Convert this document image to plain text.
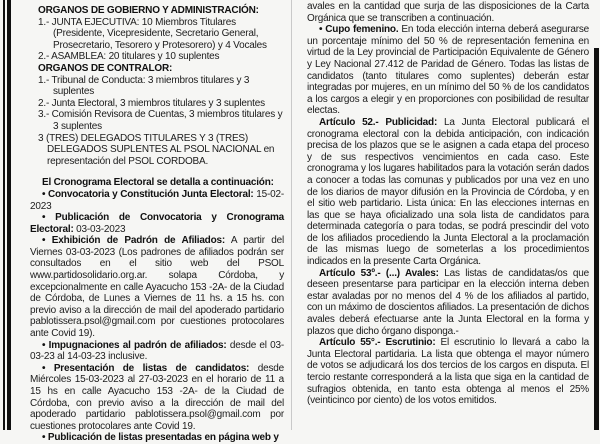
ORGANOS DE GOBIERNO Y ADMINISTRACIÓN:

1.- JUNTA EJECUTIVA: 10 Miembros Titulares (Presidente, Vicepresidente, Secretario General, Prosecretario, Tesorero y Protesorero) y 4 Vocales

2.- ASAMBLEA: 20 titulares y 10 suplentes

ORGANOS DE CONTRALOR:

1.- Tribunal de Conducta: 3 miembros titulares y 3 suplentes

2.- Junta Electoral, 3 miembros titulares y 3 suplentes

3.- Comisión Revisora de Cuentas, 3 miembros titulares y 3 suplentes

3 (TRES) DELEGADOS TITULARES Y 3 (TRES) DELEGADOS SUPLENTES AL PSOL NACIONAL en representación del PSOL CORDOBA.

El Cronograma Electoral se detalla a continuación:

• Convocatoria y Constitución Junta Electoral: 15-02-2023

• Publicación de Convocatoria y Cronograma Electoral: 03-03-2023

• Exhibición de Padrón de Afiliados: A partir del Viernes 03-03-2023 (Los padrones de afiliados podrán ser consultados en el sitio web del PSOL www.partidosolidario.org.ar. solapa Córdoba, y excepcionalmente en calle Ayacucho 153 -2A- de la Ciudad de Córdoba, de Lunes a Viernes de 11 hs. a 15 hs. con previo aviso a la dirección de mail del apoderado partidario pablotissera.psol@gmail.com por cuestiones protocolares ante Covid 19).

• Impugnaciones al padrón de afiliados: desde el 03-03-23 al 14-03-23 inclusive.

• Presentación de listas de candidatos: desde Miércoles 15-03-2023 al 27-03-2023 en el horario de 11 a 15 hs en calle Ayacucho 153 -2A- de la Ciudad de Córdoba, con previo aviso a la dirección de mail del apoderado partidario pablotissera.psol@gmail.com por cuestiones protocolares ante Covid 19.

• Publicación de listas presentadas en página web y

avales en la cantidad que surja de las disposiciones de la Carta Orgánica que se transcriben a continuación.

• Cupo femenino. En toda elección interna deberá asegurarse un porcentaje mínimo del 50 % de representación femenina en virtud de la Ley provincial de Participación Equivalente de Género y Ley Nacional 27.412 de Paridad de Género. Todas las listas de candidatos (tanto titulares como suplentes) deberán estar integradas por mujeres, en un mínimo del 50 % de los candidatos a los cargos a elegir y en proporciones con posibilidad de resultar electas.

Artículo 52.- Publicidad: La Junta Electoral publicará el cronograma electoral con la debida anticipación, con indicación precisa de los plazos que se le asignen a cada etapa del proceso y de sus respectivos vencimientos en cada caso. Este cronograma y los lugares habilitados para la votación serán dados a conocer a todas las comunas y publicados por una vez en uno de los diarios de mayor difusión en la Provincia de Córdoba, y en el sitio web partidario. Lista única: En las elecciones internas en las que se haya oficializado una sola lista de candidatos para determinada categoría o para todas, se podrá prescindir del voto de los afiliados procediendo la Junta Electoral a la proclamación de las mismas luego de someterlas a los procedimientos indicados en la presente Carta Orgánica.

Artículo 53º.- (...) Avales: Las listas de candidatas/os que deseen presentarse para participar en la elección interna deben estar avaladas por no menos del 4 % de los afiliados al partido, con un máximo de doscientos afiliados. La presentación de dichos avales deberá efectuarse ante la Junta Electoral en la forma y plazos que dicho órgano disponga.-

Artículo 55°.- Escrutinio: El escrutinio lo llevará a cabo la Junta Electoral partidaria. La lista que obtenga el mayor número de votos se adjudicará los dos tercios de los cargos en disputa. El tercio restante corresponderá a la lista que siga en la cantidad de sufragios obtenida, en tanto esta obtenga al menos el 25% (veinticinco por ciento) de los votos emitidos.
